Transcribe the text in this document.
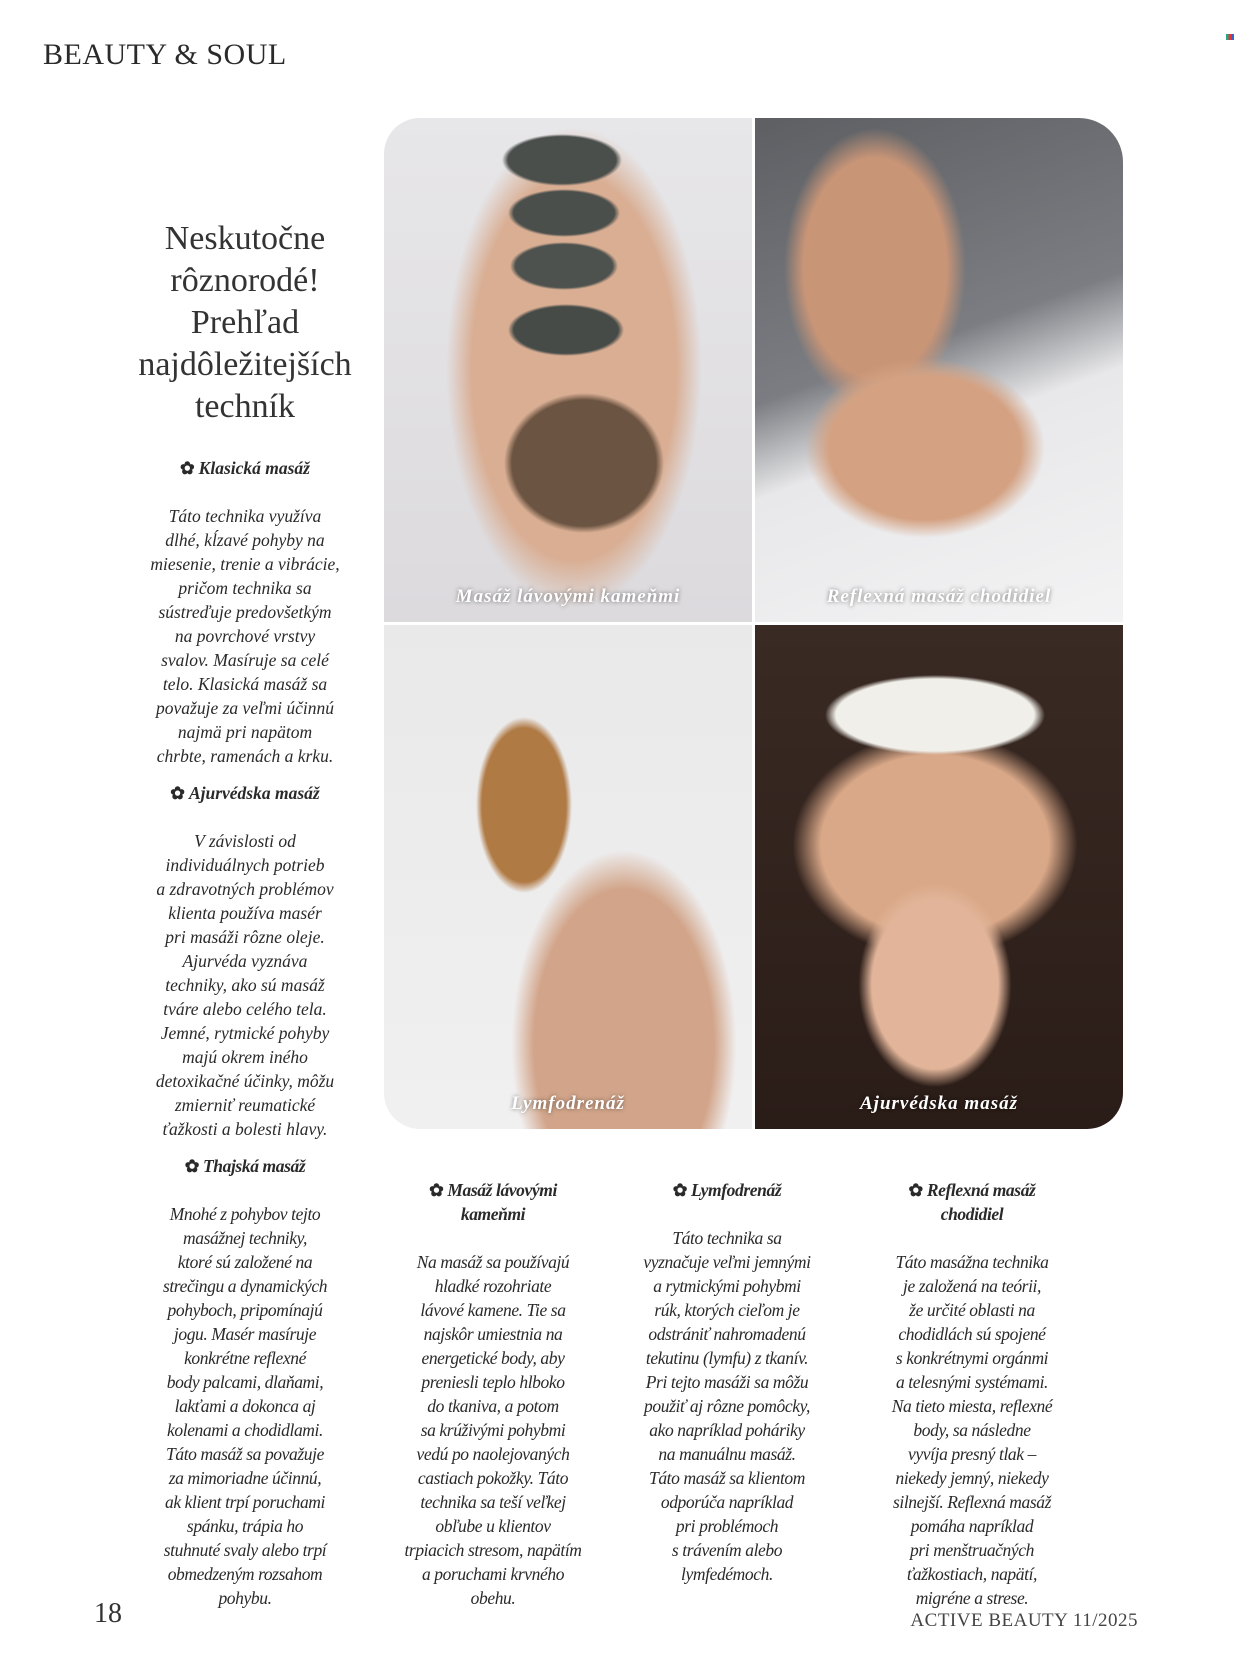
BEAUTY & SOUL
Neskutočne
rôznorodé!
Prehľad
najdôležitejších
techník

✿ Klasická masáž

Táto technika využíva
dlhé, kĺzavé pohyby na
miesenie, trenie a vibrácie,
pričom technika sa
sústreďuje predovšetkým
na povrchové vrstvy
svalov. Masíruje sa celé
telo. Klasická masáž sa
považuje za veľmi účinnú
najmä pri napätom
chrbte, ramenách a krku.

✿ Ajurvédska masáž

V závislosti od
individuálnych potrieb
a zdravotných problémov
klienta používa masér
pri masáži rôzne oleje.
Ajurvéda vyznáva
techniky, ako sú masáž
tváre alebo celého tela.
Jemné, rytmické pohyby
majú okrem iného
detoxikačné účinky, môžu
zmierniť reumatické
ťažkosti a bolesti hlavy.

✿ Thajská masáž

Mnohé z pohybov tejto
masážnej techniky,
ktoré sú založené na
strečingu a dynamických
pohyboch, pripomínajú
jogu. Masér masíruje
konkrétne reflexné
body palcami, dlaňami,
lakťami a dokonca aj
kolenami a chodidlami.
Táto masáž sa považuje
za mimoriadne účinnú,
ak klient trpí poruchami
spánku, trápia ho
stuhnuté svaly alebo trpí
obmedzeným rozsahom
pohybu.

✿ Masáž lávovými
kameňmi

Na masáž sa používajú
hladké rozohriate
lávové kamene. Tie sa
najskôr umiestnia na
energetické body, aby
preniesli teplo hlboko
do tkaniva, a potom
sa krúživými pohybmi
vedú po naolejovaných
castiach pokožky. Táto
technika sa teší veľkej
obľube u klientov
trpiacich stresom, napätím
a poruchami krvného
obehu.

✿ Lymfodrenáž

Táto technika sa
vyznačuje veľmi jemnými
a rytmickými pohybmi
rúk, ktorých cieľom je
odstrániť nahromadenú
tekutinu (lymfu) z tkanív.
Pri tejto masáži sa môžu
použiť aj rôzne pomôcky,
ako napríklad poháriky
na manuálnu masáž.
Táto masáž sa klientom
odporúča napríklad
pri problémoch
s trávením alebo
lymfedémoch.

✿ Reflexná masáž
chodidiel

Táto masážna technika
je založená na teórii,
že určité oblasti na
chodidlách sú spojené
s konkrétnymi orgánmi
a telesnými systémami.
Na tieto miesta, reflexné
body, sa následne
vyvíja presný tlak –
niekedy jemný, niekedy
silnejší. Reflexná masáž
pomáha napríklad
pri menštruačných
ťažkostiach, napätí,
migréne a strese.

Masáž lávovými kameňmi	Reflexná masáž chodidiel
Lymfodrenáž	Ajurvédska masáž
18	ACTIVE BEAUTY 11/2025
